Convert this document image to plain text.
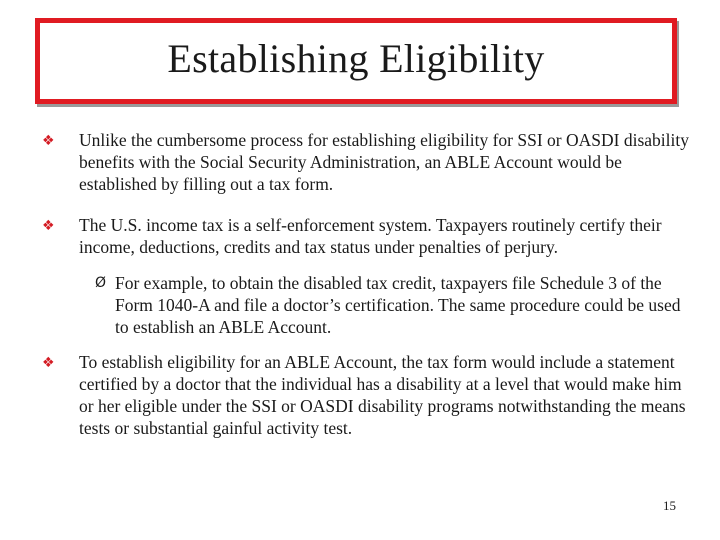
Establishing Eligibility
❖	Unlike the cumbersome process for establishing eligibility for SSI or OASDI disability benefits with the Social Security Administration, an ABLE Account would be established by filling out a tax form.
❖	The U.S. income tax is a self-enforcement system. Taxpayers routinely certify their income, deductions, credits and tax status under penalties of perjury.
Ø For example, to obtain the disabled tax credit, taxpayers file Schedule 3 of the Form 1040-A and file a doctor’s certification. The same procedure could be used to establish an ABLE Account.
❖	To establish eligibility for an ABLE Account, the tax form would include a statement certified by a doctor that the individual has a disability at a level that would make him or her eligible under the SSI or OASDI disability programs notwithstanding the means tests or substantial gainful activity test.
15
